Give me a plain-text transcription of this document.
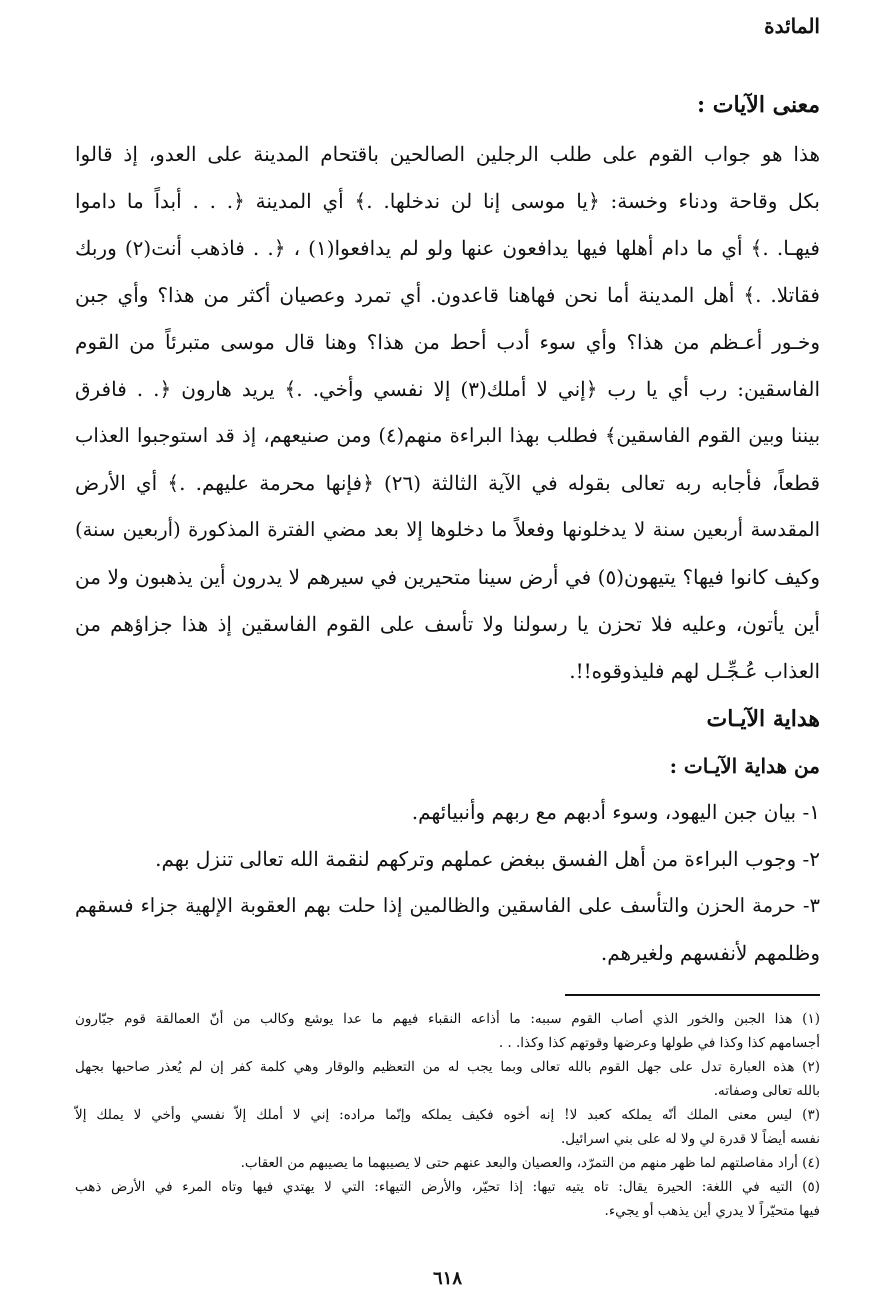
المائدة
معنى الآيات :
هذا هو جواب القوم على طلب الرجلين الصالحين باقتحام المدينة على العدو، إذ قالوا
بكل وقاحة ودناء وخسة: ﴿يا موسى إنا لن ندخلها. .﴾ أي المدينة ﴿. . . أبداً ما داموا
فيهـا. .﴾ أي ما دام أهلها فيها يدافعون عنها ولو لم يدافعوا(١) ، ﴿. . فاذهب أنت(٢) وربك
فقاتلا. .﴾ أهل المدينة أما نحن فهاهنا قاعدون. أي تمرد وعصيان أكثر من هذا؟ وأي جبن
وخـور أعـظم من هذا؟ وأي سوء أدب أحط من هذا؟ وهنا قال موسى متبرئاً من القوم
الفاسقين: رب أي يا رب ﴿إني لا أملك(٣) إلا نفسي وأخي. .﴾ يريد هارون ﴿. . فافرق
بيننا وبين القوم الفاسقين﴾ فطلب بهذا البراءة منهم(٤) ومن صنيعهم، إذ قد استوجبوا العذاب
قطعاً، فأجابه ربه تعالى بقوله في الآية الثالثة (٢٦) ﴿فإنها محرمة عليهم. .﴾ أي الأرض
المقدسة أربعين سنة لا يدخلونها وفعلاً ما دخلوها إلا بعد مضي الفترة المذكورة (أربعين سنة)
وكيف كانوا فيها؟ يتيهون(٥) في أرض سينا متحيرين في سيرهم لا يدرون أين يذهبون ولا من
أين يأتون، وعليه فلا تحزن يا رسولنا ولا تأسف على القوم الفاسقين إذ هذا جزاؤهم من
العذاب عُـجِّـل لهم فليذوقوه!!.
هداية الآيـات
من هداية الآيـات :
١- بيان جبن اليهود، وسوء أدبهم مع ربهم وأنبيائهم.
٢- وجوب البراءة من أهل الفسق ببغض عملهم وتركهم لنقمة الله تعالى تنزل بهم.
٣- حرمة الحزن والتأسف على الفاسقين والظالمين إذا حلت بهم العقوبة الإلهية جزاء فسقهم
وظلمهم لأنفسهم ولغيرهم.
(١) هذا الجبن والخور الذي أصاب القوم سببه: ما أذاعه النقباء فيهم ما عدا يوشع وكالب من أنّ العمالقة قوم جبّارون
أجسامهم كذا وكذا في طولها وعرضها وقوتهم كذا وكذا. . .
(٢) هذه العبارة تدل على جهل القوم بالله تعالى وبما يجب له من التعظيم والوقار وهي كلمة كفر إن لم يُعذر صاحبها بجهل
بالله تعالى وصفاته.
(٣) ليس معنى الملك أنّه يملكه كعبد لا! إنه أخوه فكيف يملكه وإنّما مراده: إني لا أملك إلاّ نفسي وأخي لا يملك إلاّ
نفسه أيضاً لا قدرة لي ولا له على بني اسرائيل.
(٤) أراد مفاصلتهم لما ظهر منهم من التمرّد، والعصيان والبعد عنهم حتى لا يصيبهما ما يصيبهم من العقاب.
(٥) التيه في اللغة: الحيرة يقال: تاه يتيه تيها: إذا تحيّر، والأرض التيهاء: التي لا يهتدي فيها وتاه المرء في الأرض ذهب
فيها متحيّراً لا يدري أين يذهب أو يجيء.
٦١٨
